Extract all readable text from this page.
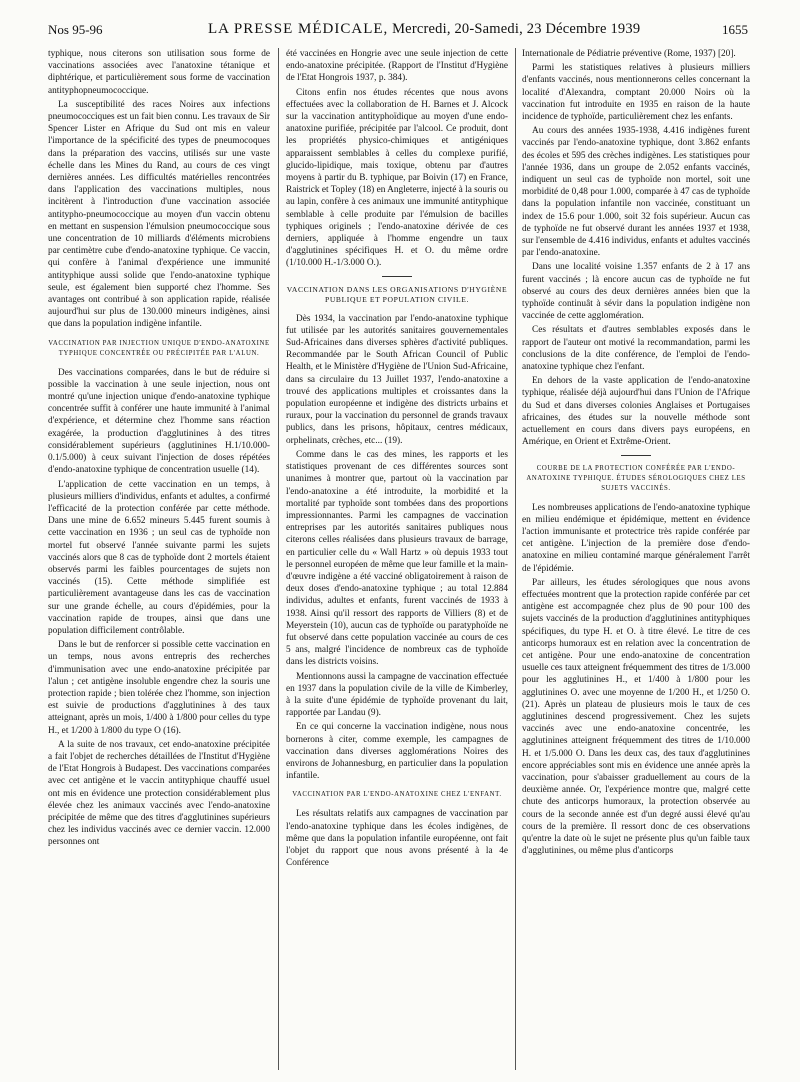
Nos 95-96	LA PRESSE MÉDICALE, Mercredi, 20-Samedi, 23 Décembre 1939	1655

typhique, nous citerons son utilisation sous forme de vaccinations associées avec l'anatoxine tétanique et diphtérique, et particulièrement sous forme de vaccination antityphopneumococcique.

La susceptibilité des races Noires aux infections pneumococciques est un fait bien connu. Les travaux de Sir Spencer Lister en Afrique du Sud ont mis en valeur l'importance de la spécificité des types de pneumocoques dans la préparation des vaccins, utilisés sur une vaste échelle dans les Mines du Rand, au cours de ces vingt dernières années. Les difficultés matérielles rencontrées dans l'application des vaccinations multiples, nous incitèrent à l'introduction d'une vaccination associée antitypho-pneumococcique au moyen d'un vaccin obtenu en mettant en suspension l'émulsion pneumococcique sous une concentration de 10 milliards d'éléments microbiens par centimètre cube d'endo-anatoxine typhique. Ce vaccin, qui confère à l'animal d'expérience une immunité antityphique aussi solide que l'endo-anatoxine typhique seule, est également bien supporté chez l'homme. Ses avantages ont contribué à son application rapide, réalisée aujourd'hui sur plus de 130.000 mineurs indigènes, ainsi que dans la population indigène infantile.

VACCINATION PAR INJECTION UNIQUE D'ENDO-ANATOXINE TYPHIQUE CONCENTRÉE OU PRÉCIPITÉE PAR L'ALUN.

Des vaccinations comparées, dans le but de réduire si possible la vaccination à une seule injection, nous ont montré qu'une injection unique d'endo-anatoxine typhique concentrée suffit à conférer une haute immunité à l'animal d'expérience, et détermine chez l'homme sans réaction exagérée, la production d'agglutinines à des titres considérablement supérieurs (agglutinines H.1/10.000-0.1/5.000) à ceux suivant l'injection de doses répétées d'endo-anatoxine typhique de concentration usuelle (14).

L'application de cette vaccination en un temps, à plusieurs milliers d'individus, enfants et adultes, a confirmé l'efficacité de la protection conférée par cette méthode. Dans une mine de 6.652 mineurs 5.445 furent soumis à cette vaccination en 1936 ; un seul cas de typhoïde non mortel fut observé l'année suivante parmi les sujets vaccinés alors que 8 cas de typhoïde dont 2 mortels étaient observés parmi les faibles pourcentages de sujets non vaccinés (15). Cette méthode simplifiée est particulièrement avantageuse dans les cas de vaccination sur une grande échelle, au cours d'épidémies, pour la vaccination rapide de troupes, ainsi que dans une population difficilement contrôlable.

Dans le but de renforcer si possible cette vaccination en un temps, nous avons entrepris des recherches d'immunisation avec une endo-anatoxine précipitée par l'alun ; cet antigène insoluble engendre chez la souris une protection rapide ; bien tolérée chez l'homme, son injection est suivie de productions d'agglutinines à des taux atteignant, après un mois, 1/400 à 1/800 pour celles du type H., et 1/200 à 1/800 du type O (16).

A la suite de nos travaux, cet endo-anatoxine précipitée a fait l'objet de recherches détaillées de l'Institut d'Hygiène de l'Etat Hongrois à Budapest. Des vaccinations comparées avec cet antigène et le vaccin antityphique chauffé usuel ont mis en évidence une protection considérablement plus élevée chez les animaux vaccinés avec l'endo-anatoxine précipitée de même que des titres d'agglutinines supérieurs chez les individus vaccinés avec ce dernier vaccin. 12.000 personnes ont

été vaccinées en Hongrie avec une seule injection de cette endo-anatoxine précipitée. (Rapport de l'Institut d'Hygiène de l'Etat Hongrois 1937, p. 384).

Citons enfin nos études récentes que nous avons effectuées avec la collaboration de H. Barnes et J. Alcock sur la vaccination antityphoïdique au moyen d'une endo-anatoxine purifiée, précipitée par l'alcool. Ce produit, dont les propriétés physico-chimiques et antigéniques apparaissent semblables à celles du complexe purifié, glucido-lipidique, mais toxique, obtenu par d'autres moyens à partir du B. typhique, par Boivin (17) en France, Raistrick et Topley (18) en Angleterre, injecté à la souris ou au lapin, confère à ces animaux une immunité antityphique semblable à celle produite par l'émulsion de bacilles typhiques originels ; l'endo-anatoxine dérivée de ces derniers, appliquée à l'homme engendre un taux d'agglutinines spécifiques H. et O. du même ordre (1/10.000 H.-1/3.000 O.).

VACCINATION DANS LES ORGANISATIONS D'HYGIÈNE PUBLIQUE ET POPULATION CIVILE.

Dès 1934, la vaccination par l'endo-anatoxine typhique fut utilisée par les autorités sanitaires gouvernementales Sud-Africaines dans diverses sphères d'activité publiques. Recommandée par le South African Council of Public Health, et le Ministère d'Hygiène de l'Union Sud-Africaine, dans sa circulaire du 13 Juillet 1937, l'endo-anatoxine a trouvé des applications multiples et croissantes dans la population européenne et indigène des districts urbains et ruraux, pour la vaccination du personnel de grands travaux publics, dans les prisons, hôpitaux, centres médicaux, orphelinats, crèches, etc... (19).

Comme dans le cas des mines, les rapports et les statistiques provenant de ces différentes sources sont unanimes à montrer que, partout où la vaccination par l'endo-anatoxine a été introduite, la morbidité et la mortalité par typhoïde sont tombées dans des proportions impressionnantes. Parmi les campagnes de vaccination entreprises par les autorités sanitaires publiques nous citerons celles réalisées dans plusieurs travaux de barrage, en particulier celle du « Wall Hartz » où depuis 1933 tout le personnel européen de même que leur famille et la main-d'œuvre indigène a été vacciné obligatoirement à raison de deux doses d'endo-anatoxine typhique ; au total 12.884 individus, adultes et enfants, furent vaccinés de 1933 à 1938. Ainsi qu'il ressort des rapports de Villiers (8) et de Meyerstein (10), aucun cas de typhoïde ou paratyphoïde ne fut observé dans cette population vaccinée au cours de ces 5 ans, malgré l'incidence de nombreux cas de typhoïde dans les districts voisins.

Mentionnons aussi la campagne de vaccination effectuée en 1937 dans la population civile de la ville de Kimberley, à la suite d'une épidémie de typhoïde provenant du lait, rapportée par Landau (9).

En ce qui concerne la vaccination indigène, nous nous bornerons à citer, comme exemple, les campagnes de vaccination dans diverses agglomérations Noires des environs de Johannesburg, en particulier dans la population infantile.

VACCINATION PAR L'ENDO-ANATOXINE CHEZ L'ENFANT.

Les résultats relatifs aux campagnes de vaccination par l'endo-anatoxine typhique dans les écoles indigènes, de même que dans la population infantile européenne, ont fait l'objet du rapport que nous avons présenté à la 4e Conférence

Internationale de Pédiatrie préventive (Rome, 1937) [20].

Parmi les statistiques relatives à plusieurs milliers d'enfants vaccinés, nous mentionnerons celles concernant la localité d'Alexandra, comptant 20.000 Noirs où la vaccination fut introduite en 1935 en raison de la haute incidence de typhoïde, particulièrement chez les enfants.

Au cours des années 1935-1938, 4.416 indigènes furent vaccinés par l'endo-anatoxine typhique, dont 3.862 enfants des écoles et 595 des crèches indigènes. Les statistiques pour l'année 1936, dans un groupe de 2.052 enfants vaccinés, indiquent un seul cas de typhoïde non mortel, soit une morbidité de 0,48 pour 1.000, comparée à 47 cas de typhoïde dans la population infantile non vaccinée, constituant un index de 15.6 pour 1.000, soit 32 fois supérieur. Aucun cas de typhoïde ne fut observé durant les années 1937 et 1938, sur l'ensemble de 4.416 individus, enfants et adultes vaccinés par l'endo-anatoxine.

Dans une localité voisine 1.357 enfants de 2 à 17 ans furent vaccinés ; là encore aucun cas de typhoïde ne fut observé au cours des deux dernières années bien que la typhoïde continuât à sévir dans la population indigène non vaccinée de cette agglomération.

Ces résultats et d'autres semblables exposés dans le rapport de l'auteur ont motivé la recommandation, parmi les conclusions de la dite conférence, de l'emploi de l'endo-anatoxine typhique chez l'enfant.

En dehors de la vaste application de l'endo-anatoxine typhique, réalisée déjà aujourd'hui dans l'Union de l'Afrique du Sud et dans diverses colonies Anglaises et Portugaises africaines, des études sur la nouvelle méthode sont actuellement en cours dans divers pays européens, en Amérique, en Orient et Extrême-Orient.

COURBE DE LA PROTECTION CONFÉRÉE PAR L'ENDO-ANATOXINE TYPHIQUE. ÉTUDES SÉROLOGIQUES CHEZ LES SUJETS VACCINÉS.

Les nombreuses applications de l'endo-anatoxine typhique en milieu endémique et épidémique, mettent en évidence l'action immunisante et protectrice très rapide conférée par cet antigène. L'injection de la première dose d'endo-anatoxine en milieu contaminé marque généralement l'arrêt de l'épidémie.

Par ailleurs, les études sérologiques que nous avons effectuées montrent que la protection rapide conférée par cet antigène est accompagnée chez plus de 90 pour 100 des sujets vaccinés de la production d'agglutinines antityphiques spécifiques, du type H. et O. à titre élevé. Le titre de ces anticorps humoraux est en relation avec la concentration de cet antigène. Pour une endo-anatoxine de concentration usuelle ces taux atteignent fréquemment des titres de 1/3.000 pour les agglutinines H., et 1/400 à 1/800 pour les agglutinines O. avec une moyenne de 1/200 H., et 1/250 O. (21). Après un plateau de plusieurs mois le taux de ces agglutinines descend progressivement. Chez les sujets vaccinés avec une endo-anatoxine concentrée, les agglutinines atteignent fréquemment des titres de 1/10.000 H. et 1/5.000 O. Dans les deux cas, des taux d'agglutinines encore appréciables sont mis en évidence une année après la vaccination, pour s'abaisser graduellement au cours de la deuxième année. Or, l'expérience montre que, malgré cette chute des anticorps humoraux, la protection observée au cours de la seconde année est d'un degré aussi élevé qu'au cours de la première. Il ressort donc de ces observations qu'entre la date où le sujet ne présente plus qu'un faible taux d'agglutinines, ou même plus d'anticorps
